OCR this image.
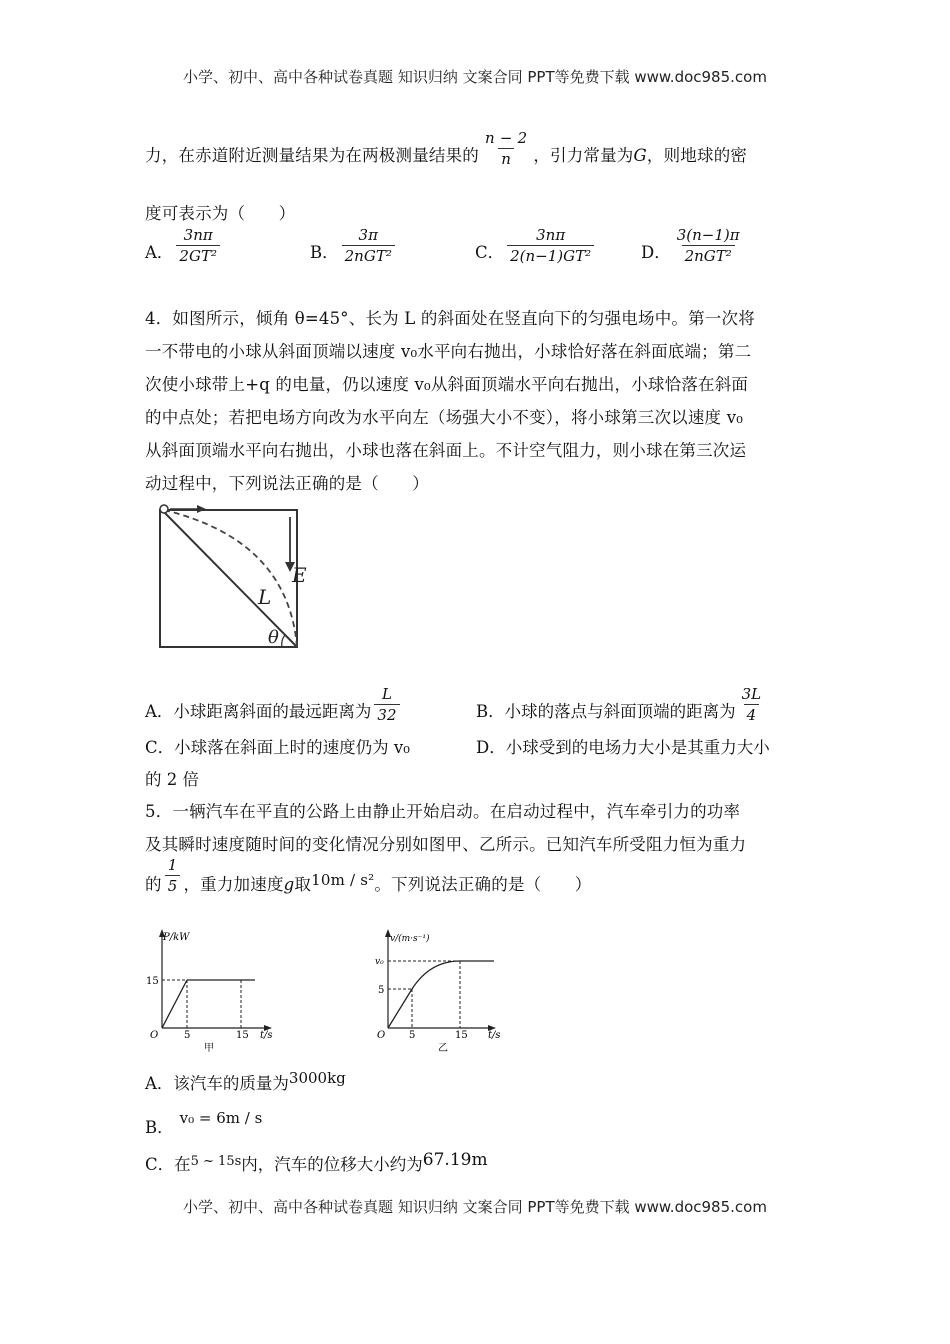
小学、初中、高中各种试卷真题 知识归纳 文案合同 PPT等免费下载 www.doc985.com
力，在赤道附近测量结果为在两极测量结果的 $\frac{n - 2}{n}$ ，引力常量为G，则地球的密
度可表示为（　　）
A． $\frac{3n\pi}{\text{2GT²}}$	B． $\frac{3\pi}{\text{2nGT²}}$	C． $\frac{3n\pi}{\text{2(n−1)GT²}}$	D． $\frac{3(n-1)\pi}{\text{2nGT²}}$
4．如图所示，倾角 θ=45°、长为 L 的斜面处在竖直向下的匀强电场中。第一次将
一不带电的小球从斜面顶端以速度 v₀水平向右抛出，小球恰好落在斜面底端；第二
次使小球带上+q 的电量，仍以速度 v₀从斜面顶端水平向右抛出，小球恰落在斜面
的中点处；若把电场方向改为水平向左（场强大小不变），将小球第三次以速度 v₀
从斜面顶端水平向右抛出，小球也落在斜面上。不计空气阻力，则小球在第三次运
动过程中，下列说法正确的是（　　）
E
L
θ
A．小球距离斜面的最远距离为 $\frac{L}{32}$	B．小球的落点与斜面顶端的距离为 $\frac{3L}{4}$
C．小球落在斜面上时的速度仍为 v₀	D．小球受到的电场力大小是其重力大小
的 2 倍
5．一辆汽车在平直的公路上由静止开始启动。在启动过程中，汽车牵引力的功率
及其瞬时速度随时间的变化情况分别如图甲、乙所示。已知汽车所受阻力恒为重力
的 $\frac{1}{5}$ ，重力加速度g取10m / s²。下列说法正确的是（　　）
P/kW
15
O	5	15 t/s
甲
v/(m·s⁻¹)
v₀
5
O 5	15 t/s
乙
A．该汽车的质量为3000kg
B． v₀ = 6m / s
C．在$^{5 \sim 15s}$内，汽车的位移大小约为67.19m
小学、初中、高中各种试卷真题 知识归纳 文案合同 PPT等免费下载 www.doc985.com
